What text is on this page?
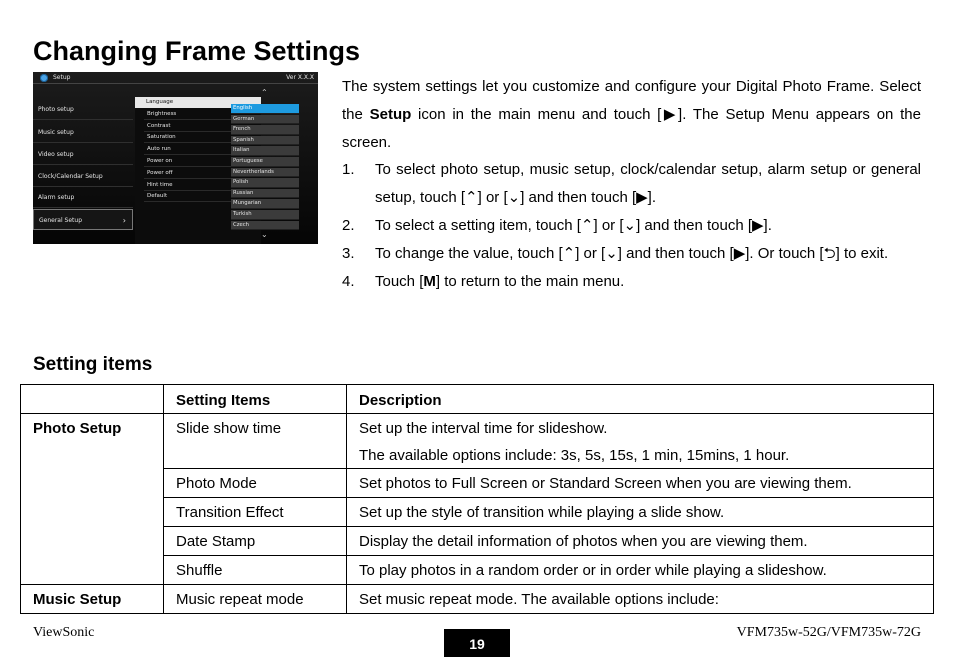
Changing Frame Settings
Setup	Ver X.X.X
Photo setup
Music setup
Video setup
Clock/Calendar Setup
Alarm setup
General Setup	›
Language
Brightness
Contrast
Saturation
Auto run
Power on
Power off
Hint time
Default
⌃
English
German
French
Spanish
Italian
Portuguese
Nevertherlands
Polish
Russian
Mungarian
Turkish
Czech
⌄

The system settings let you customize and configure your Digital Photo Frame. Select the Setup icon in the main menu and touch [▶]. The Setup Menu appears on the screen.

1. To select photo setup, music setup, clock/calendar setup, alarm setup or general setup, touch [⌃] or [⌄] and then touch [▶].
2. To select a setting item, touch [⌃] or [⌄] and then touch [▶].
3. To change the value, touch [⌃] or [⌄] and then touch [▶]. Or touch [⮌] to exit.
4. Touch [M] to return to the main menu.
Setting items
	Setting Items	Description
Photo Setup	Slide show time	Set up the interval time for slideshow.
The available options include: 3s, 5s, 15s, 1 min, 15mins, 1 hour.

	Photo Mode	Set photos to Full Screen or Standard Screen when you are viewing them.

	Transition Effect	Set up the style of transition while playing a slide show.

	Date Stamp	Display the detail information of photos when you are viewing them.

	Shuffle	To play photos in a random order or in order while playing a slideshow.

Music Setup	Music repeat mode	Set music repeat mode. The available options include:
ViewSonic
19
VFM735w-52G/VFM735w-72G
